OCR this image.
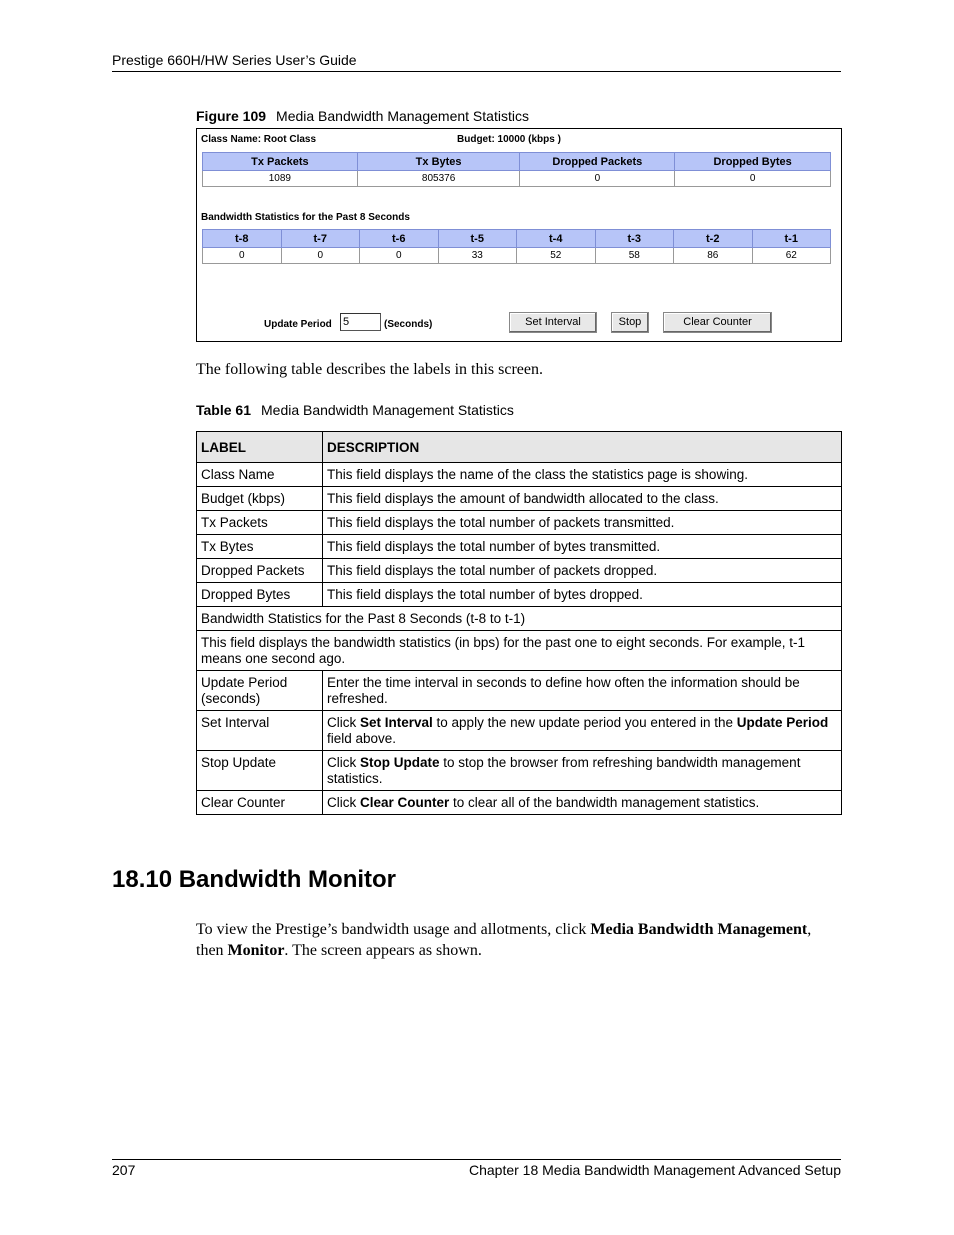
Prestige 660H/HW Series User’s Guide
Figure 109 Media Bandwidth Management Statistics
Class Name: Root Class	Budget: 10000 (kbps )
Tx Packets	Tx Bytes	Dropped Packets	Dropped Bytes
1089	805376	0	0
Bandwidth Statistics for the Past 8 Seconds
t-8	t-7	t-6	t-5	t-4	t-3	t-2	t-1
0	0	0	33	52	58	86	62
Update Period 5	(Seconds)	Set Interval	Stop	Clear Counter
The following table describes the labels in this screen.
Table 61 Media Bandwidth Management Statistics
LABEL	DESCRIPTION
Class Name	This field displays the name of the class the statistics page is showing.
Budget (kbps)	This field displays the amount of bandwidth allocated to the class.
Tx Packets	This field displays the total number of packets transmitted.
Tx Bytes	This field displays the total number of bytes transmitted.
Dropped Packets	This field displays the total number of packets dropped.
Dropped Bytes	This field displays the total number of bytes dropped.
Bandwidth Statistics for the Past 8 Seconds (t-8 to t-1)	
This field displays the bandwidth statistics (in bps) for the past one to eight seconds. For example, t-1 means one second ago.	
Update Period (seconds)	Enter the time interval in seconds to define how often the information should be refreshed.
Set Interval	Click Set Interval to apply the new update period you entered in the Update Period field above.
Stop Update	Click Stop Update to stop the browser from refreshing bandwidth management statistics.
Clear Counter	Click Clear Counter to clear all of the bandwidth management statistics.
18.10 Bandwidth Monitor
To view the Prestige’s bandwidth usage and allotments, click Media Bandwidth Management, then Monitor. The screen appears as shown.
207	Chapter 18 Media Bandwidth Management Advanced Setup
